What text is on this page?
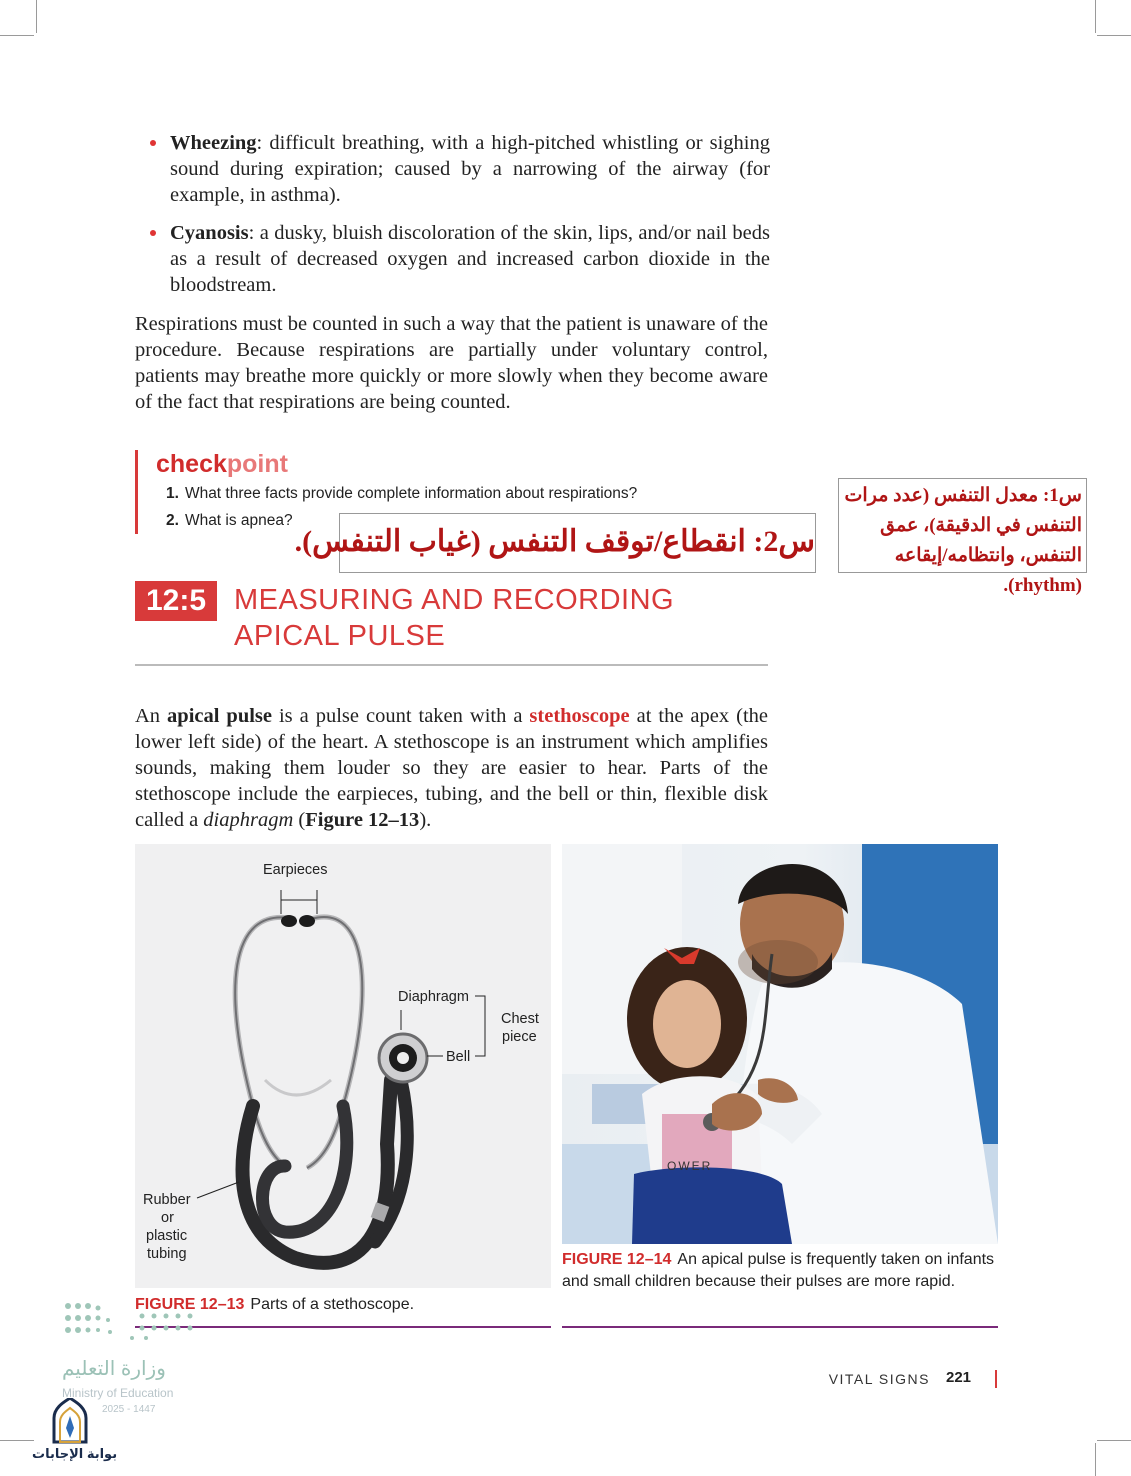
Wheezing: difficult breathing, with a high-pitched whistling or sighing sound during expiration; caused by a narrowing of the airway (for example, in asthma).
Cyanosis: a dusky, bluish discoloration of the skin, lips, and/or nail beds as a result of decreased oxygen and increased carbon dioxide in the bloodstream.

Respirations must be counted in such a way that the patient is unaware of the procedure. Because respirations are partially under voluntary control, patients may breathe more quickly or more slowly when they become aware of the fact that respirations are being counted.

checkpoint
1. What three facts provide complete information about respirations?
2. What is apnea?
س2: انقطاع/توقف التنفس (غياب التنفس).
س1: معدل التنفس (عدد مرات التنفس في الدقيقة)، عمق التنفس، وانتظامه/إيقاعه (rhythm).
12:5 MEASURING AND RECORDING
APICAL PULSE

An apical pulse is a pulse count taken with a stethoscope at the apex (the lower left side) of the heart. A stethoscope is an instrument which amplifies sounds, making them louder so they are easier to hear. Parts of the stethoscope include the earpieces, tubing, and the bell or thin, flexible disk called a diaphragm (Figure 12–13).

Earpieces
Diaphragm
Chest
piece
Bell
Rubber
or
plastic
tubing
OWER
FIGURE 12–13 Parts of a stethoscope.
FIGURE 12–14 An apical pulse is frequently taken on infants and small children because their pulses are more rapid.
وزارة التعليم
Ministry of Education
2025 - 1447
بوابة الإجابات
VITAL SIGNS 221
